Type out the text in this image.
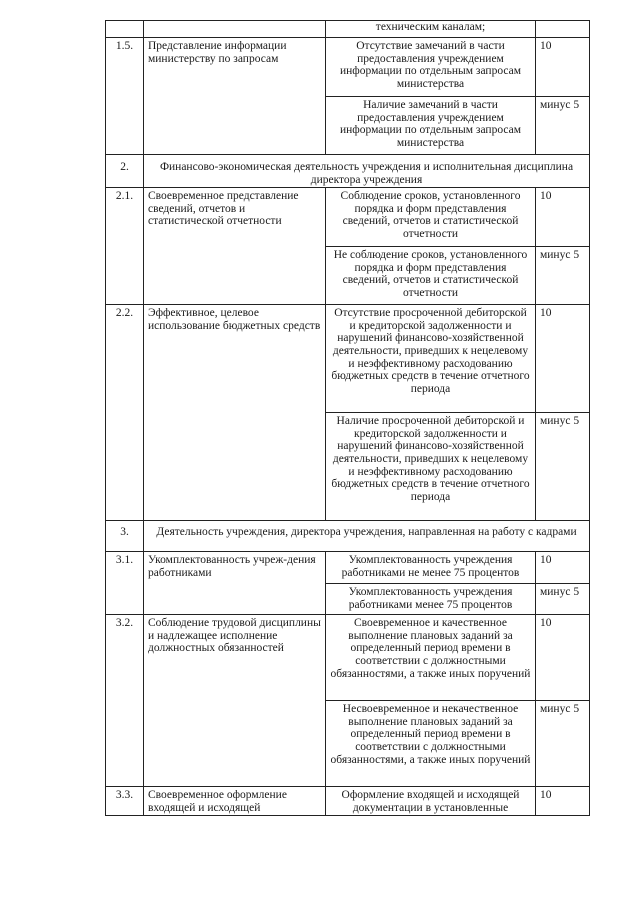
		техническим каналам;	
1.5.	Представление информации министерству по запросам	Отсутствие замечаний в части предоставления учреждением информации по отдельным запросам министерства	10
		Наличие замечаний в части предоставления учреждением информации по отдельным запросам министерства	минус 5
2.	Финансово-экономическая деятельность учреждения и исполнительная дисциплина директора учреждения		
2.1.	Своевременное представление сведений, отчетов и статистической отчетности	Соблюдение сроков, установленного порядка и форм представления сведений, отчетов и статистической отчетности	10
		Не соблюдение сроков, установленного порядка и форм представления сведений, отчетов и статистической отчетности	минус 5
2.2.	Эффективное, целевое использование бюджетных средств	Отсутствие просроченной дебиторской и кредиторской задолженности и нарушений финансово-хозяйственной деятельности, приведших к нецелевому и неэффективному расходованию бюджетных средств в течение отчетного периода	10
		Наличие просроченной дебиторской и кредиторской задолженности и нарушений финансово-хозяйственной деятельности, приведших к нецелевому и неэффективному расходованию бюджетных средств в течение отчетного периода	минус 5
3.	Деятельность учреждения, директора учреждения, направленная на работу с кадрами		
3.1.	Укомплектованность учреж-дения работниками	Укомплектованность учреждения работниками не менее 75 процентов	10
		Укомплектованность учреждения работниками менее 75 процентов	минус 5
3.2.	Соблюдение трудовой дисциплины и надлежащее исполнение должностных обязанностей	Своевременное и качественное выполнение плановых заданий за определенный период времени в соответствии с должностными обязанностями, а также иных поручений	10
		Несвоевременное и некачественное выполнение плановых заданий за определенный период времени в соответствии с должностными обязанностями, а также иных поручений	минус 5
3.3.	Своевременное оформление входящей и исходящей	Оформление входящей и исходящей документации в установленные	10
